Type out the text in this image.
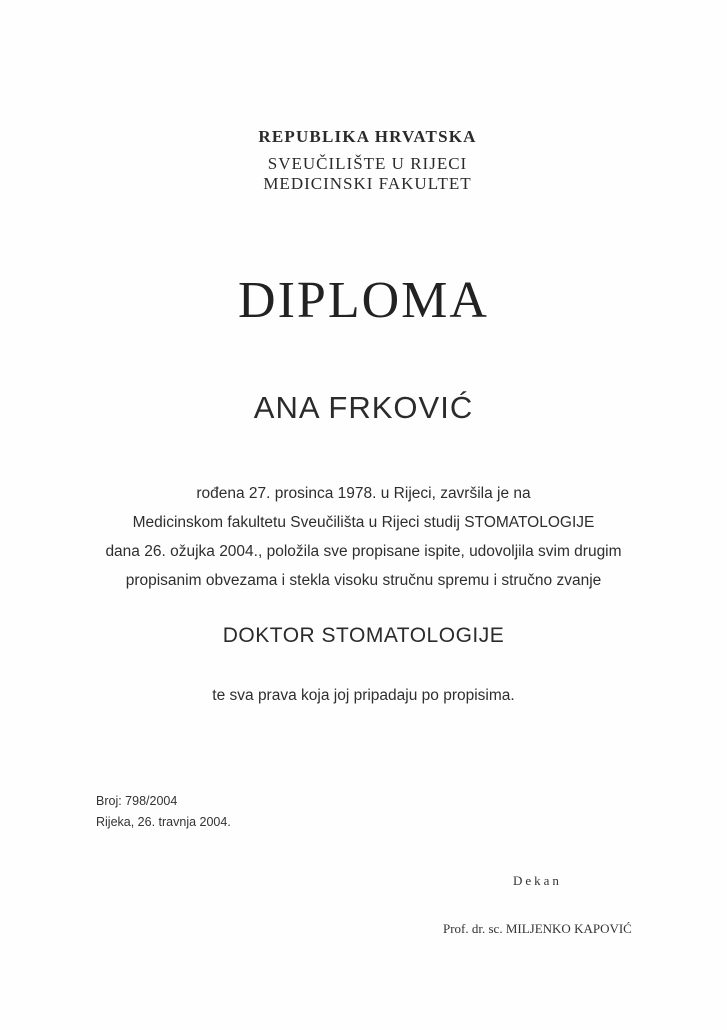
REPUBLIKA HRVATSKA
SVEUČILIŠTE U RIJECI
MEDICINSKI FAKULTET
DIPLOMA
ANA FRKOVIĆ
rođena 27. prosinca 1978. u Rijeci, završila je na
Medicinskom fakultetu Sveučilišta u Rijeci studij STOMATOLOGIJE
dana 26. ožujka 2004., položila sve propisane ispite, udovoljila svim drugim
propisanim obvezama i stekla visoku stručnu spremu i stručno zvanje
DOKTOR STOMATOLOGIJE
te sva prava koja joj pripadaju po propisima.
Broj: 798/2004
Rijeka, 26. travnja 2004.
Dekan
Prof. dr. sc. MILJENKO KAPOVIĆ
